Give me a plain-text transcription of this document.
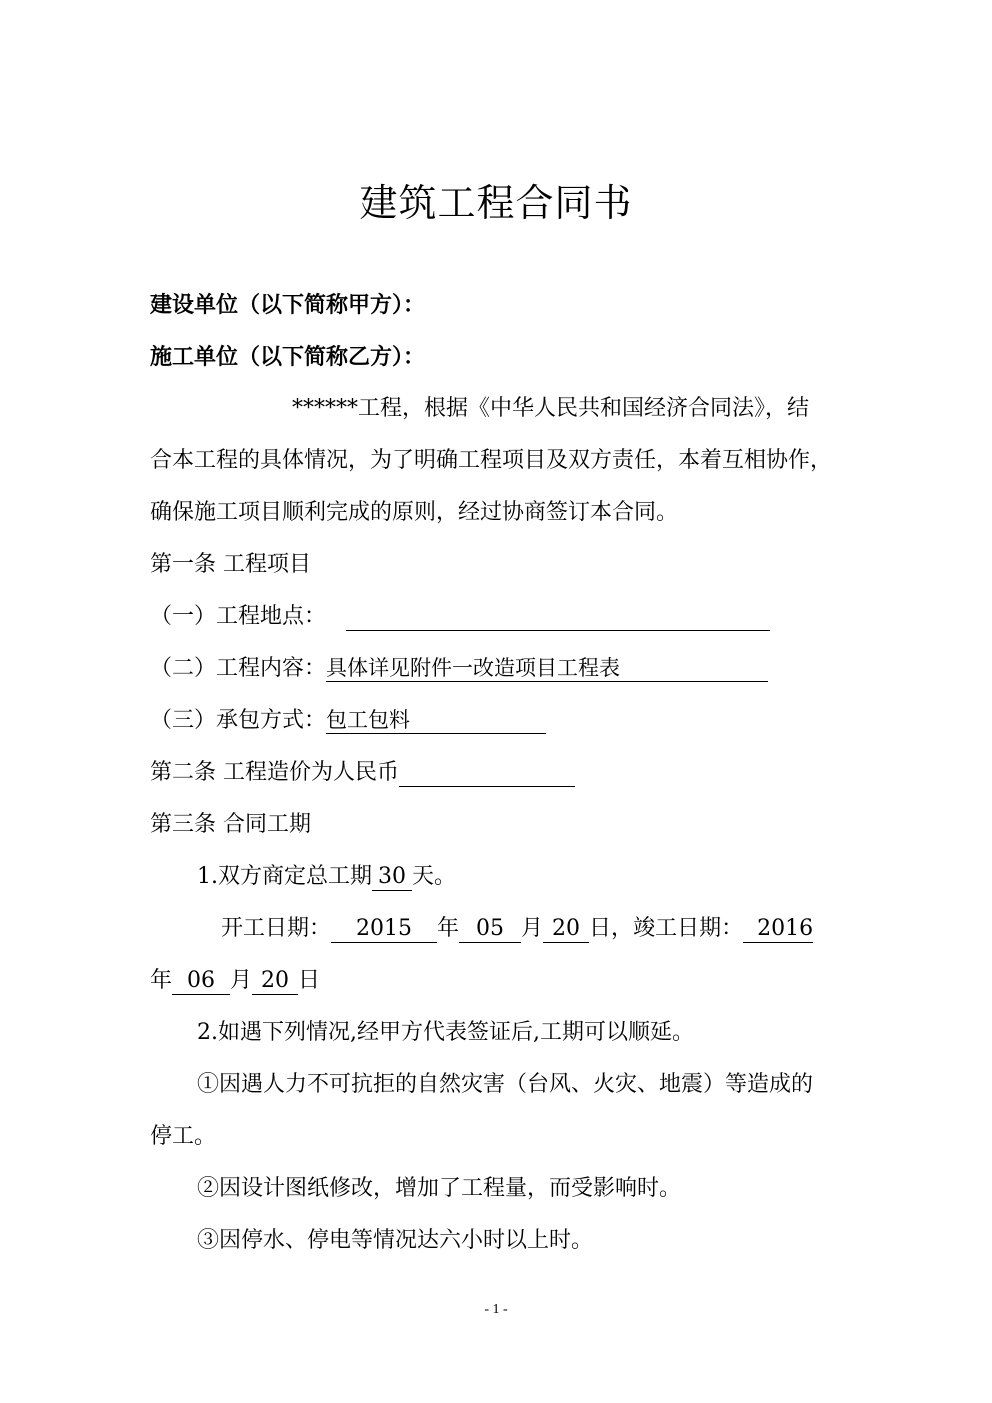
建筑工程合同书
建设单位（以下简称甲方）：
施工单位（以下简称乙方）：
******工程，根据《中华人民共和国经济合同法》，结
合本工程的具体情况，为了明确工程项目及双方责任，本着互相协作，
确保施工项目顺利完成的原则，经过协商签订本合同。
第一条 工程项目
（一）工程地点：
（二）工程内容：具体详见附件一改造项目工程表
（三）承包方式：包工包料
第二条 工程造价为人民币
第三条 合同工期
1.双方商定总工期 30 天。
开工日期： 2015 年 05 月 20 日，竣工日期： 2016
年 06 月 20 日
2.如遇下列情况,经甲方代表签证后,工期可以顺延。
①因遇人力不可抗拒的自然灾害（台风、火灾、地震）等造成的
停工。
②因设计图纸修改，增加了工程量，而受影响时。
③因停水、停电等情况达六小时以上时。
- 1 -
